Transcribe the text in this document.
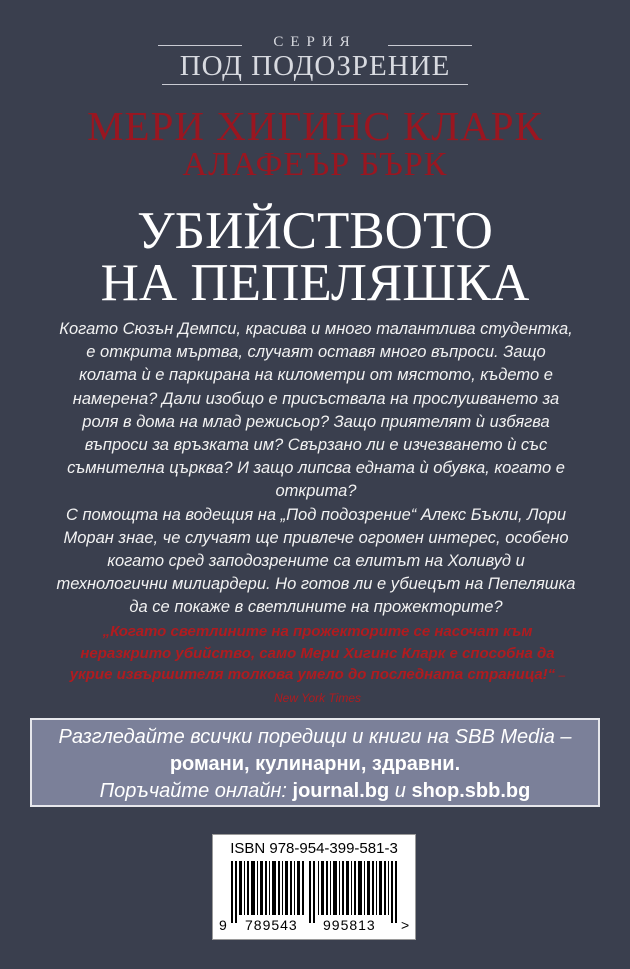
СЕРИЯ
ПОД ПОДОЗРЕНИЕ
МЕРИ ХИГИНС КЛАРК
АЛАФЕЪР БЪРК
УБИЙСТВОТО
НА ПЕПЕЛЯШКА

Когато Сюзън Демпси, красива и много талантлива студентка, е открита мъртва, случаят оставя много въпроси. Защо колата ѝ е паркирана на километри от мястото, където е намерена? Дали изобщо е присъствала на прослушването за роля в дома на млад режисьор? Защо приятелят ѝ избягва въпроси за връзката им? Свързано ли е изчезването ѝ със съмнителна църква? И защо липсва едната ѝ обувка, когато е открита?

С помощта на водещия на „Под подозрение“ Алекс Бъкли, Лори Моран знае, че случаят ще привлече огромен интерес, особено когато сред заподозрените са елитът на Холивуд и технологични милиардери. Но готов ли е убиецът на Пепеляшка да се покаже в светлините на прожекторите?

„Когато светлините на прожекторите се насочат към неразкрито убийство, само Мери Хигинс Кларк е способна да укрие извършителя толкова умело до последната страница!“ – New York Times
Разгледайте всички поредици и книги на SBB Media –
романи, кулинарни, здравни.
Поръчайте онлайн: journal.bg и shop.sbb.bg
ISBN 978-954-399-581-3
9 789543 995813 >
